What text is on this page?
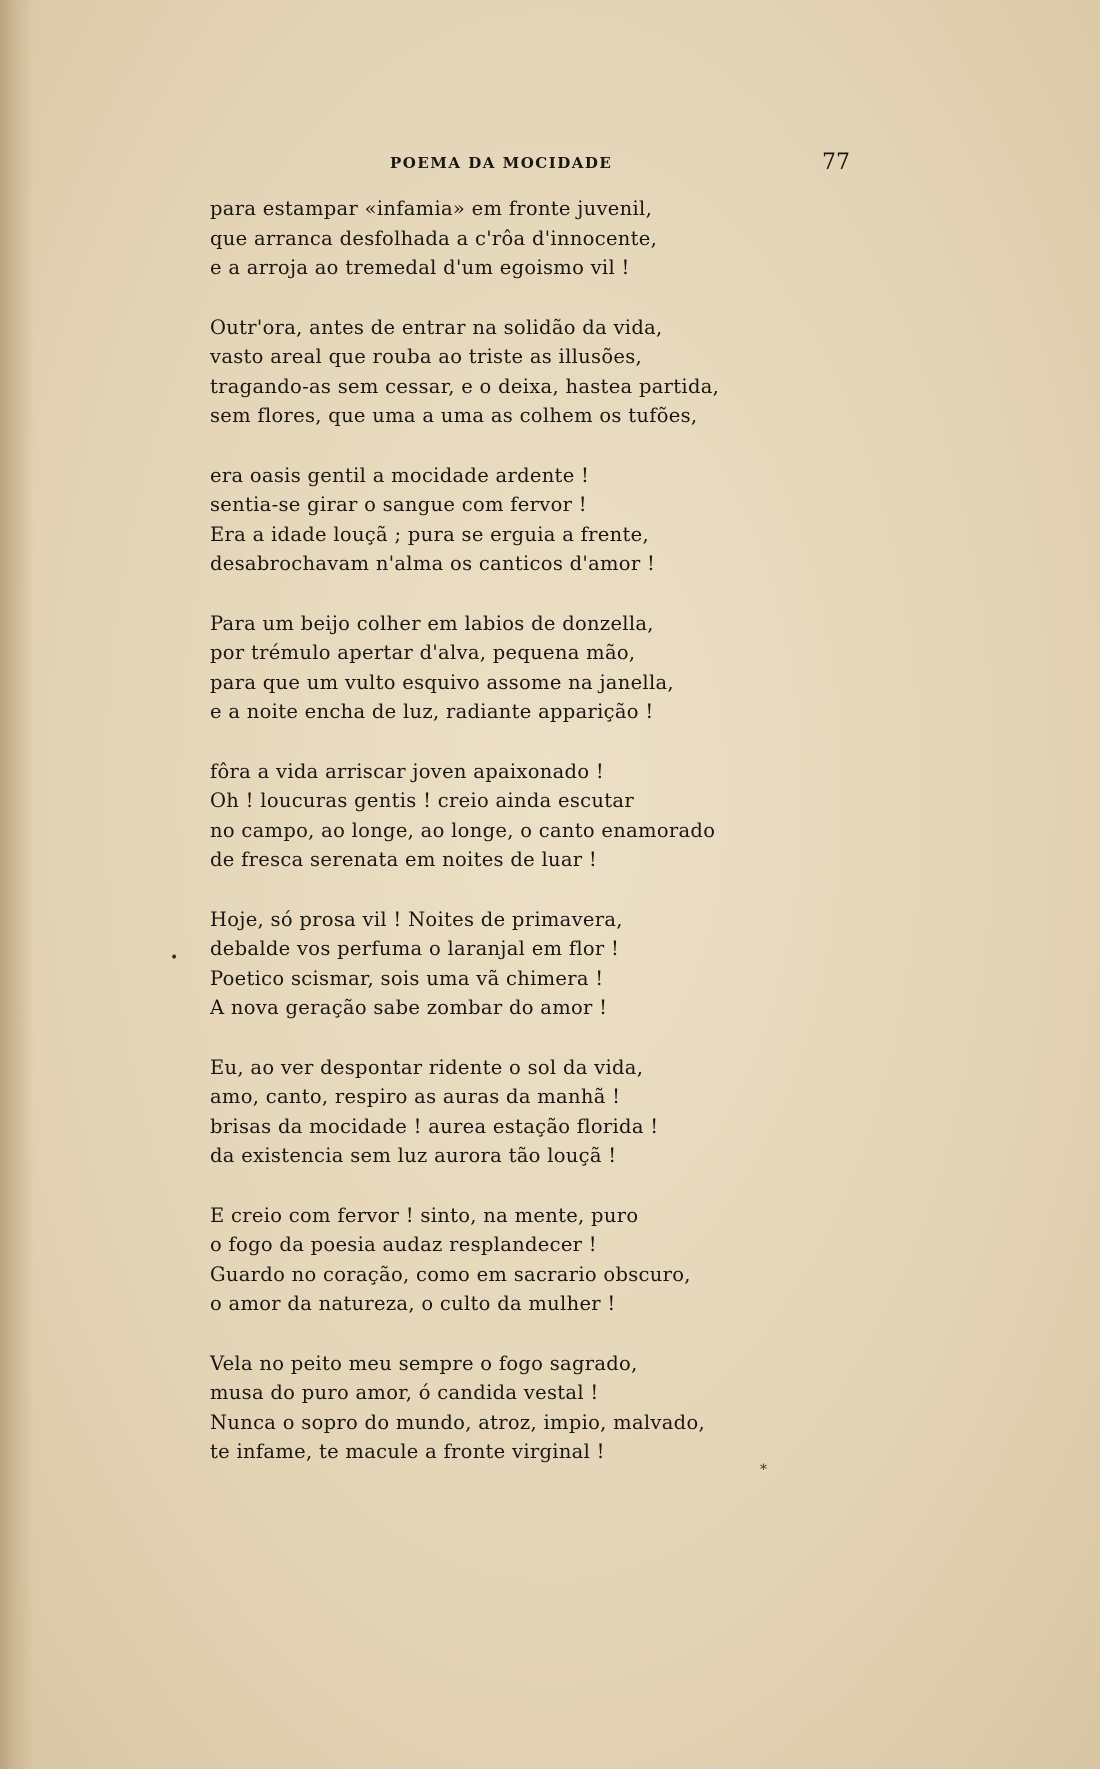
POEMA DA MOCIDADE	77
para estampar «infamia» em fronte juvenil,
que arranca desfolhada a c'rôa d'innocente,
e a arroja ao tremedal d'um egoismo vil !
Outr'ora, antes de entrar na solidão da vida,
vasto areal que rouba ao triste as illusões,
tragando-as sem cessar, e o deixa, hastea partida,
sem flores, que uma a uma as colhem os tufões,
era oasis gentil a mocidade ardente !
sentia-se girar o sangue com fervor !
Era a idade louçã ; pura se erguia a frente,
desabrochavam n'alma os canticos d'amor !
Para um beijo colher em labios de donzella,
por trémulo apertar d'alva, pequena mão,
para que um vulto esquivo assome na janella,
e a noite encha de luz, radiante apparição !
fôra a vida arriscar joven apaixonado !
Oh ! loucuras gentis ! creio ainda escutar
no campo, ao longe, ao longe, o canto enamorado
de fresca serenata em noites de luar !
Hoje, só prosa vil ! Noites de primavera,
debalde vos perfuma o laranjal em flor !
Poetico scismar, sois uma vã chimera !
A nova geração sabe zombar do amor !
Eu, ao ver despontar ridente o sol da vida,
amo, canto, respiro as auras da manhã !
brisas da mocidade ! aurea estação florida !
da existencia sem luz aurora tão louçã !
E creio com fervor ! sinto, na mente, puro
o fogo da poesia audaz resplandecer !
Guardo no coração, como em sacrario obscuro,
o amor da natureza, o culto da mulher !
Vela no peito meu sempre o fogo sagrado,
musa do puro amor, ó candida vestal !
Nunca o sopro do mundo, atroz, impio, malvado,
te infame, te macule a fronte virginal !
*
•
